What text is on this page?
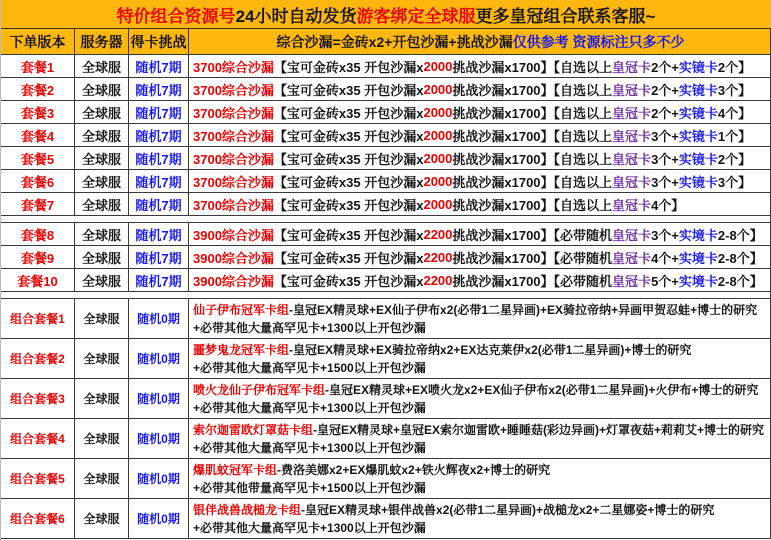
特价组合资源号 24小时自动发货 游客绑定 全球服 更多皇冠组合联系客服~
下单版本	服务器 得卡挑战	综合沙漏=金砖x2+开包沙漏+挑战沙漏 仅供参考 资源标注只多不少
套餐1	全球服	随机7期 3700综合沙漏 【宝可金砖x35 开包沙漏x 2000 挑战沙漏x1700】【自选以上 皇冠卡 2个+ 实镜卡 2个】
套餐2	全球服	随机7期 3700综合沙漏 【宝可金砖x35 开包沙漏x 2000 挑战沙漏x1700】【自选以上 皇冠卡 2个+ 实镜卡 3个】
套餐3	全球服	随机7期 3700综合沙漏 【宝可金砖x35 开包沙漏x 2000 挑战沙漏x1700】【自选以上 皇冠卡 2个+ 实镜卡 4个】
套餐4	全球服	随机7期 3700综合沙漏 【宝可金砖x35 开包沙漏x 2000 挑战沙漏x1700】【自选以上 皇冠卡 3个+ 实镜卡 1个】
套餐5	全球服	随机7期 3700综合沙漏 【宝可金砖x35 开包沙漏x 2000 挑战沙漏x1700】【自选以上 皇冠卡 3个+ 实镜卡 2个】
套餐6	全球服	随机7期 3700综合沙漏 【宝可金砖x35 开包沙漏x 2000 挑战沙漏x1700】【自选以上 皇冠卡 3个+ 实镜卡 3个】
套餐7	全球服	随机7期 3700综合沙漏 【宝可金砖x35 开包沙漏x 2000 挑战沙漏x1700】【自选以上 皇冠卡 4个】
套餐8	全球服	随机7期 3900综合沙漏 【宝可金砖x35 开包沙漏x 2200 挑战沙漏x1700】【必带随机 皇冠卡 3个+ 实境卡 2-8个】
套餐9	全球服	随机7期 3900综合沙漏 【宝可金砖x35 开包沙漏x 2200 挑战沙漏x1700】【必带随机 皇冠卡 4个+ 实境卡 2-8个】
套餐10	全球服	随机7期 3900综合沙漏 【宝可金砖x35 开包沙漏x 2200 挑战沙漏x1700】【必带随机 皇冠卡 5个+ 实境卡 2-8个】
组合套餐1	全球服	随机0期
仙子伊布冠军卡组-皇冠EX精灵球+EX仙子伊布x2(必带1二星异画)+EX骑拉帝纳+异画甲贺忍蛙+博士的研究
+必带其他大量高罕见卡+1300以上开包沙漏
组合套餐2	全球服	随机0期
噩梦鬼龙冠军卡组-皇冠EX精灵球+EX骑拉帝纳x2+EX达克莱伊x2(必带1二星异画)+博士的研究
+必带其他大量高罕见卡+1500以上开包沙漏
组合套餐3	全球服	随机0期
喷火龙仙子伊布冠军卡组-皇冠EX精灵球+EX喷火龙x2+EX仙子伊布x2(必带1二星异画)+火伊布+博士的研究
+必带其他大量高罕见卡+1300以上开包沙漏
组合套餐4	全球服	随机0期
索尔迦雷欧灯罩菇卡组-皇冠EX精灵球+皇冠EX索尔迦雷欧+睡睡菇(彩边异画)+灯罩夜菇+莉莉艾+博士的研究
+必带其他大量高罕见卡+1300以上开包沙漏
组合套餐5	全球服	随机0期
爆肌蚊冠军卡组-费洛美娜x2+EX爆肌蚊x2+铁火辉夜x2+博士的研究
+必带其他带量高罕见卡+1500以上开包沙漏
组合套餐6	全球服	随机0期
银伴战兽战槌龙卡组-皇冠EX精灵球+银伴战兽x2(必带1二星异画)+战槌龙x2+二星娜姿+博士的研究
+必带其他大量高罕见卡+1300以上开包沙漏
